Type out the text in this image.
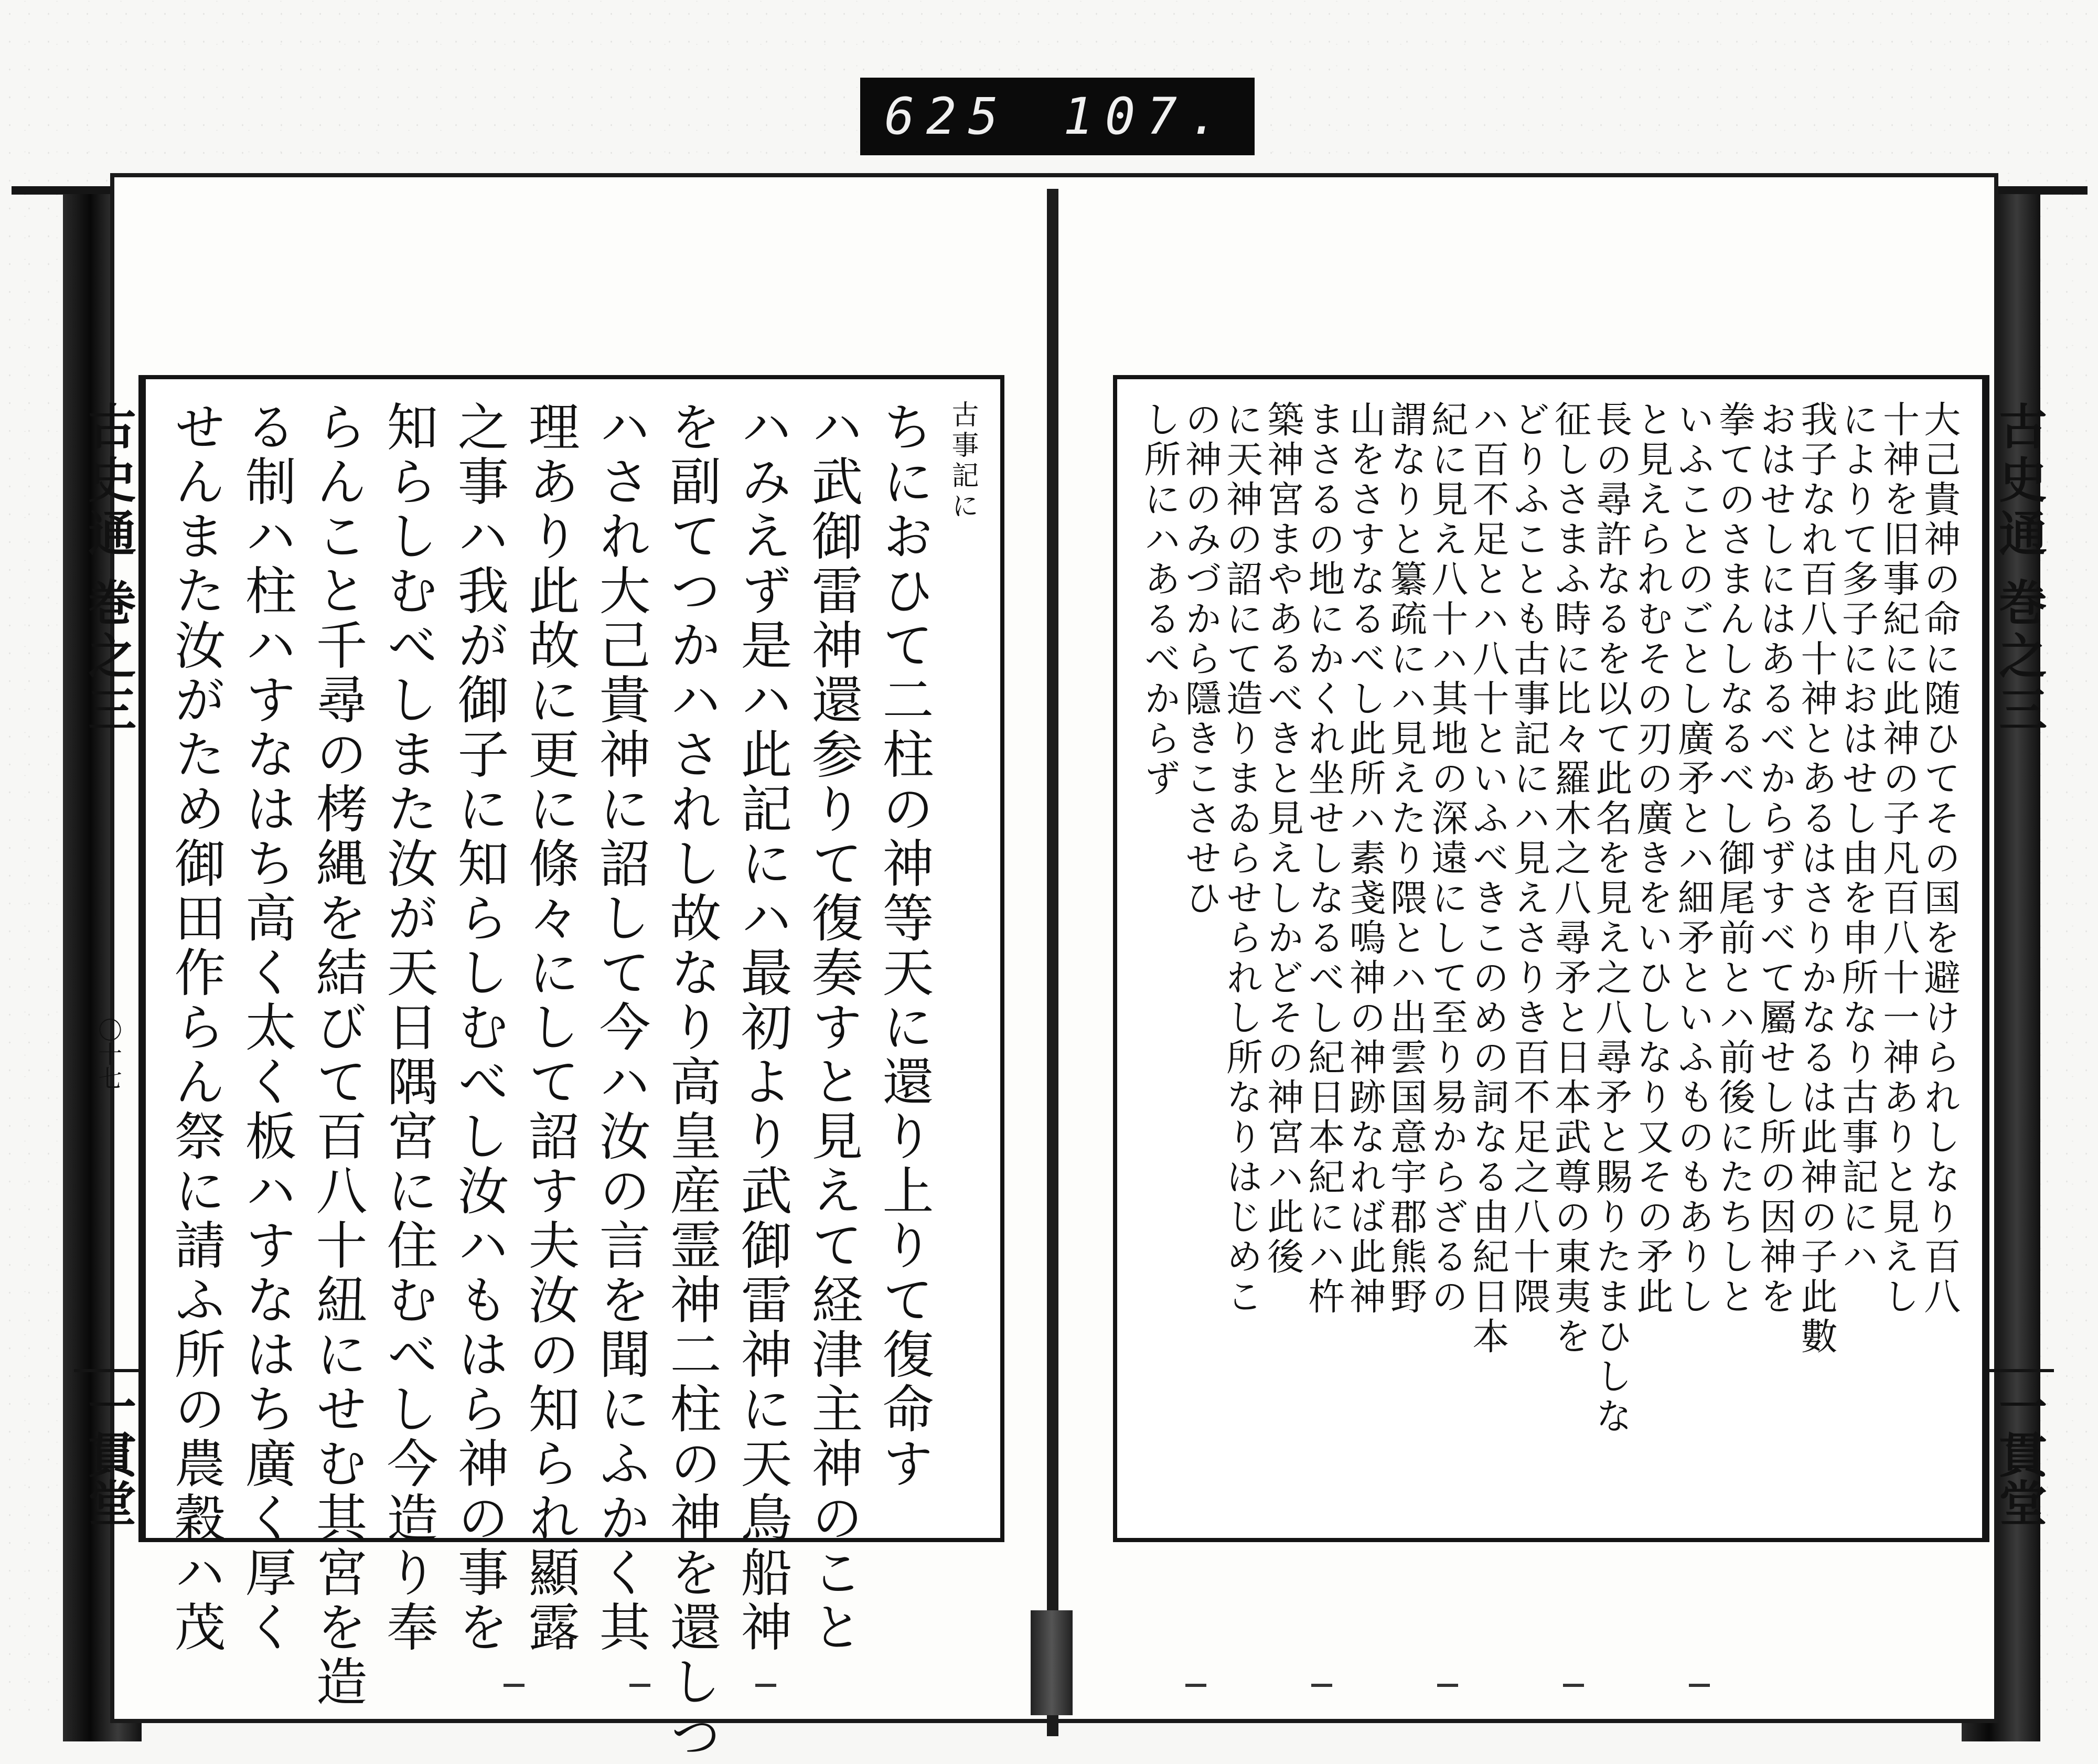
625 107.
古史通
巻之三
〇十七
一貫堂
古事記に
ちにおひて二柱の神等天に還り上りて復命す
ハ武御雷神還参りて復奏すと見えて経津主神のこと
ハみえず是ハ此記にハ最初より武御雷神に天鳥船神
を副てつかハされし故なり高皇産霊神二柱の神を還しつ
ハされ大己貴神に詔して今ハ汝の言を聞にふかく其
理あり此故に更に條々にして詔す夫汝の知られ顯露
之事ハ我が御子に知らしむべし汝ハもはら神の事を
知らしむべしまた汝が天日隅宮に住むべし今造り奉
らんこと千尋の栲縄を結びて百八十紐にせむ其宮を造
る制ハ柱ハすなはち高く太く板ハすなはち廣く厚く
せんまた汝がため御田作らん祭に請ふ所の農穀ハ茂	大己貴神の命に随ひてその国を避けられしなり百八
十神を旧事紀に此神の子凡百八十一神ありと見えし
によりて多子におはせし由を申所なり古事記にハ
我子なれ百八十神とあるはさりかなるは此神の子此數
おはせしにはあるべからずすべて屬せし所の因神を
拳てのさまんしなるべし御尾前とハ前後にたちしと
いふことのごとし廣矛とハ細矛といふものもありし
と見えられむその刃の廣きをいひしなり又その矛此
長の尋許なるを以て此名を見え之八尋矛と賜りたまひしな
征しさまふ時に比々羅木之八尋矛と日本武尊の東夷を
どりふことも古事記にハ見えさりき百不足之八十隈
ハ百不足とハ八十といふべきこのめの詞なる由紀日本
紀に見え八十ハ其地の深遠にして至り易からざるの
謂なりと纂疏にハ見えたり隈とハ出雲国意宇郡熊野
山をさすなるべし此所ハ素戔嗚神の神跡なれば此神
まさるの地にかくれ坐せしなるべし紀日本紀にハ杵
築神宮まやあるべきと見えしかどその神宮ハ此後
に天神の詔にて造りまゐらせられし所なりはじめこ
の神のみづから隱きこさせひ
し所にハあるべからず	古史通
巻之三
一貫堂
